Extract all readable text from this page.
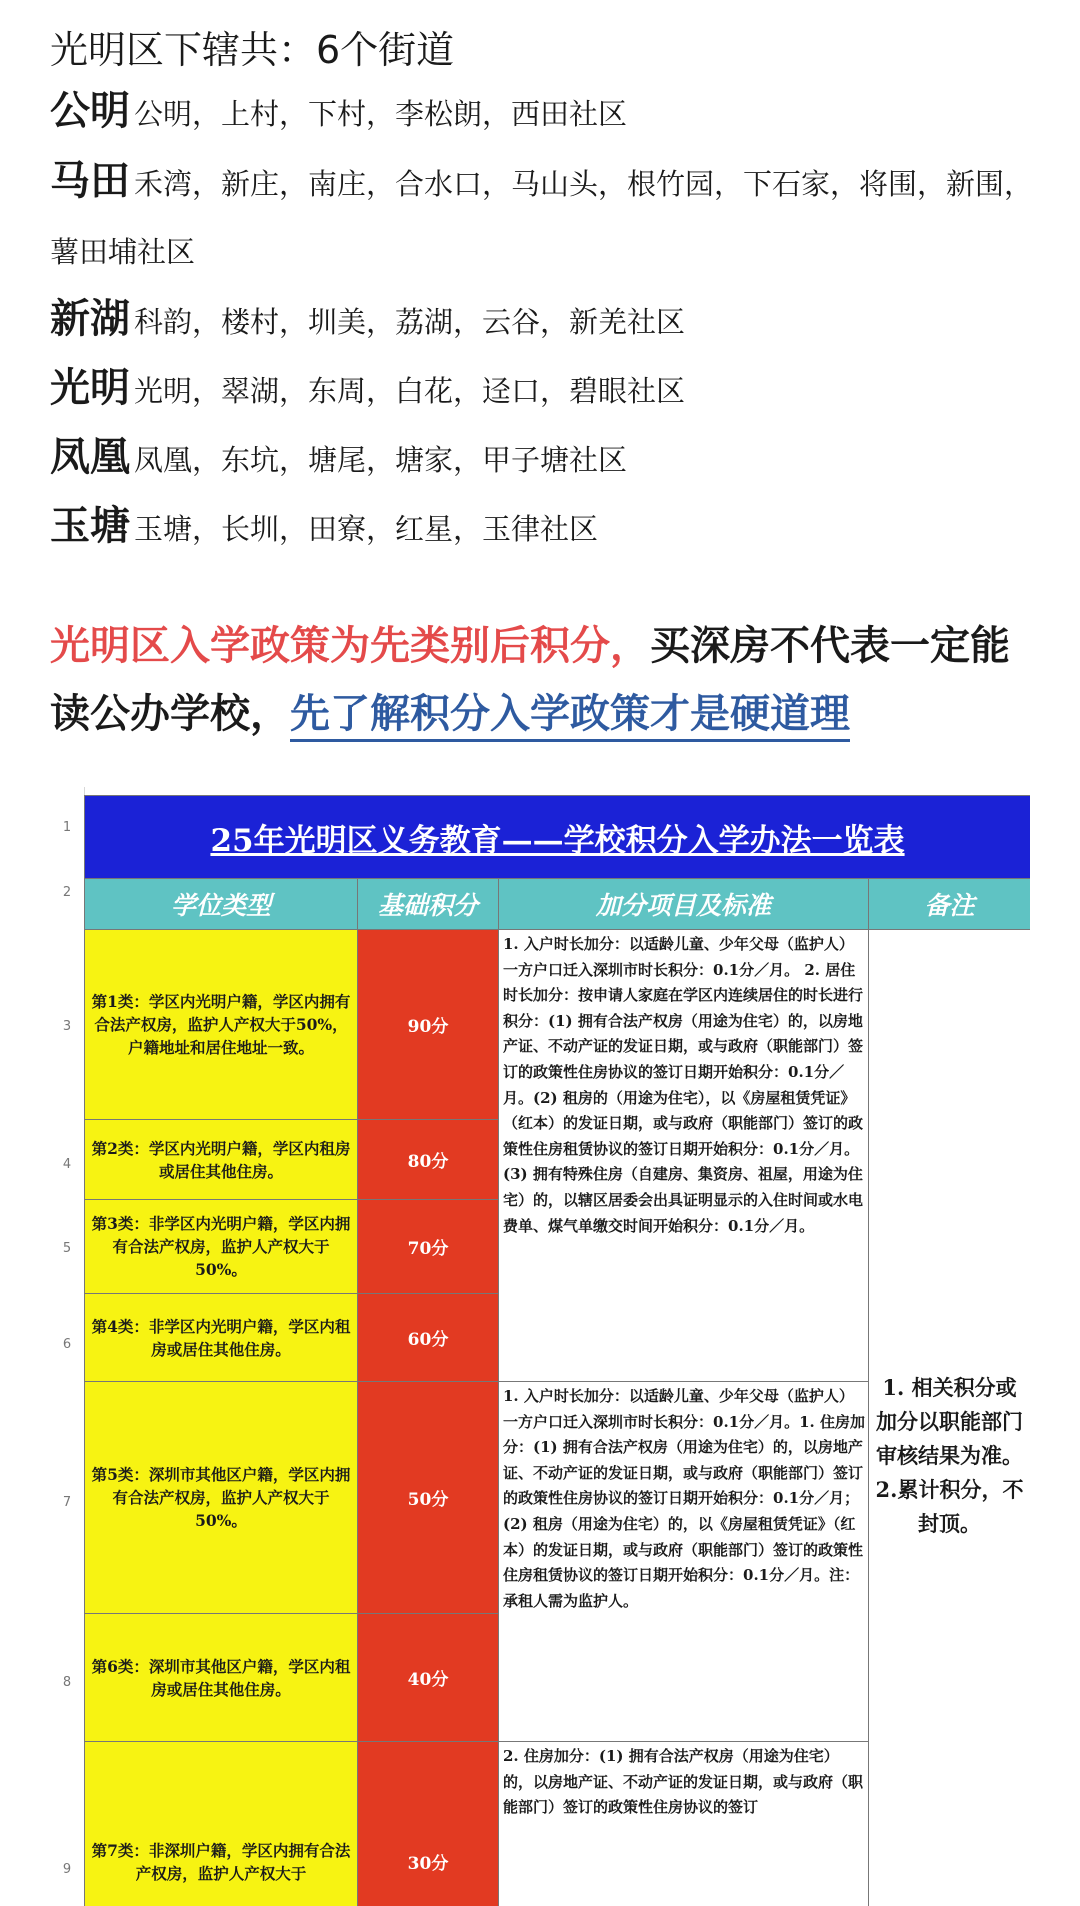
光明区下辖共：6个街道

公明 公明，上村，下村，李松朗，西田社区
马田 禾湾，新庄，南庄，合水口，马山头，根竹园，下石家，将围，新围，薯田埔社区
新湖 科韵，楼村，圳美，荔湖，云谷，新羌社区
光明 光明，翠湖，东周，白花，迳口，碧眼社区
凤凰 凤凰，东坑，塘尾，塘家，甲子塘社区
玉塘 玉塘，长圳，田寮，红星，玉律社区
光明区入学政策为先类别后积分，买深房不代表一定能读公办学校，先了解积分入学政策才是硬道理
1
2
3
4
5
6
7
8
9
25年光明区义务教育——学校积分入学办法一览表			
学位类型	基础积分	加分项目及标准	备注
第1类：学区内光明户籍，学区内拥有合法产权房，监护人产权大于50%，户籍地址和居住地址一致。	90分	1. 入户时长加分：以适龄儿童、少年父母（监护人）一方户口迁入深圳市时长积分：0.1分／月。 2. 居住时长加分：按申请人家庭在学区内连续居住的时长进行积分：(1) 拥有合法产权房（用途为住宅）的，以房地产证、不动产证的发证日期，或与政府（职能部门）签订的政策性住房协议的签订日期开始积分：0.1分／月。(2) 租房的（用途为住宅），以《房屋租赁凭证》（红本）的发证日期，或与政府（职能部门）签订的政策性住房租赁协议的签订日期开始积分：0.1分／月。(3) 拥有特殊住房（自建房、集资房、祖屋，用途为住宅）的，以辖区居委会出具证明显示的入住时间或水电费单、煤气单缴交时间开始积分：0.1分／月。	1. 相关积分或加分以职能部门审核结果为准。2.累计积分，不封顶。
第2类：学区内光明户籍，学区内租房或居住其他住房。	80分		
第3类：非学区内光明户籍，学区内拥有合法产权房，监护人产权大于50%。	70分		
第4类：非学区内光明户籍，学区内租房或居住其他住房。	60分		
第5类：深圳市其他区户籍，学区内拥有合法产权房，监护人产权大于50%。	50分	1. 入户时长加分：以适龄儿童、少年父母（监护人）一方户口迁入深圳市时长积分：0.1分／月。1. 住房加分：(1) 拥有合法产权房（用途为住宅）的，以房地产证、不动产证的发证日期，或与政府（职能部门）签订的政策性住房协议的签订日期开始积分：0.1分／月；(2) 租房（用途为住宅）的，以《房屋租赁凭证》（红本）的发证日期，或与政府（职能部门）签订的政策性住房租赁协议的签订日期开始积分：0.1分／月。注：承租人需为监护人。	
第6类：深圳市其他区户籍，学区内租房或居住其他住房。	40分		
第7类：非深圳户籍，学区内拥有合法产权房，监护人产权大于	30分	2. 住房加分：(1) 拥有合法产权房（用途为住宅）的，以房地产证、不动产证的发证日期，或与政府（职能部门）签订的政策性住房协议的签订	
